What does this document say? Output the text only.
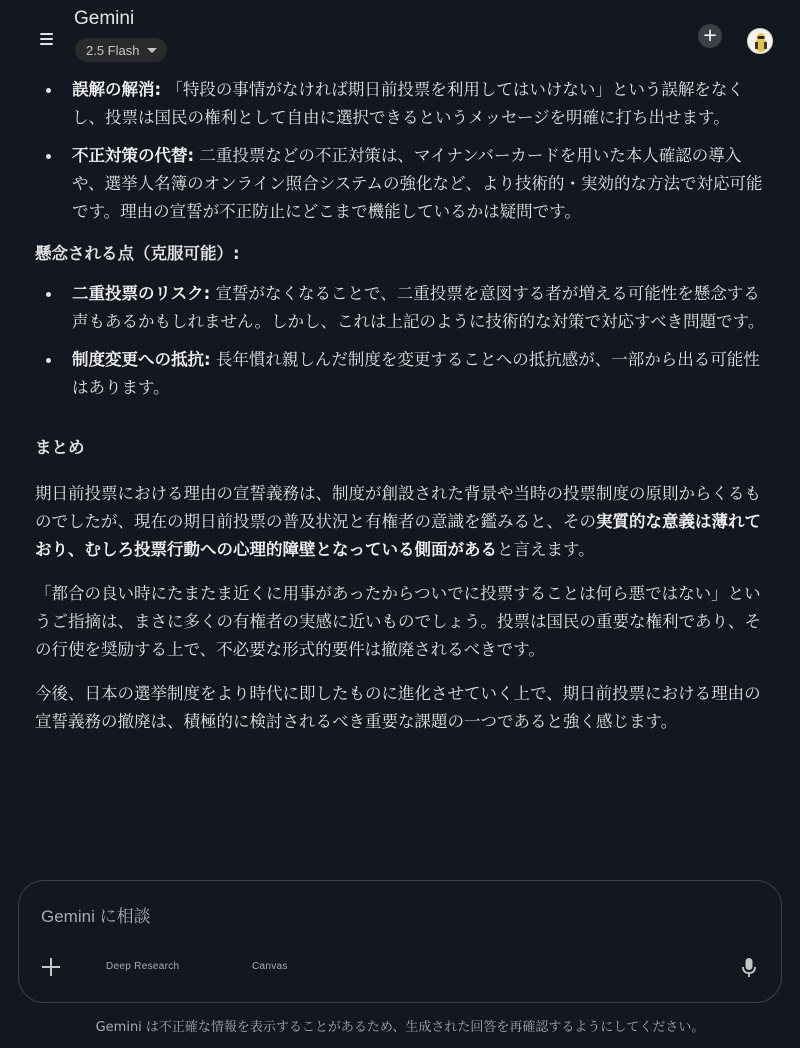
Gemini
2.5 Flash
+
誤解の解消: 「特段の事情がなければ期日前投票を利用してはいけない」という誤解をなくし、投票は国民の権利として自由に選択できるというメッセージを明確に打ち出せます。
不正対策の代替: 二重投票などの不正対策は、マイナンバーカードを用いた本人確認の導入や、選挙人名簿のオンライン照合システムの強化など、より技術的・実効的な方法で対応可能です。理由の宣誓が不正防止にどこまで機能しているかは疑問です。
懸念される点（克服可能）:
二重投票のリスク: 宣誓がなくなることで、二重投票を意図する者が増える可能性を懸念する声もあるかもしれません。しかし、これは上記のように技術的な対策で対応すべき問題です。
制度変更への抵抗: 長年慣れ親しんだ制度を変更することへの抵抗感が、一部から出る可能性はあります。
まとめ

期日前投票における理由の宣誓義務は、制度が創設された背景や当時の投票制度の原則からくるものでしたが、現在の期日前投票の普及状況と有権者の意識を鑑みると、その実質的な意義は薄れており、むしろ投票行動への心理的障壁となっている側面があると言えます。

「都合の良い時にたまたま近くに用事があったからついでに投票することは何ら悪ではない」というご指摘は、まさに多くの有権者の実感に近いものでしょう。投票は国民の重要な権利であり、その行使を奨励する上で、不必要な形式的要件は撤廃されるべきです。

今後、日本の選挙制度をより時代に即したものに進化させていく上で、期日前投票における理由の宣誓義務の撤廃は、積極的に検討されるべき重要な課題の一つであると強く感じます。

Gemini に相談
Deep Research	Canvas
Gemini は不正確な情報を表示することがあるため、生成された回答を再確認するようにしてください。
